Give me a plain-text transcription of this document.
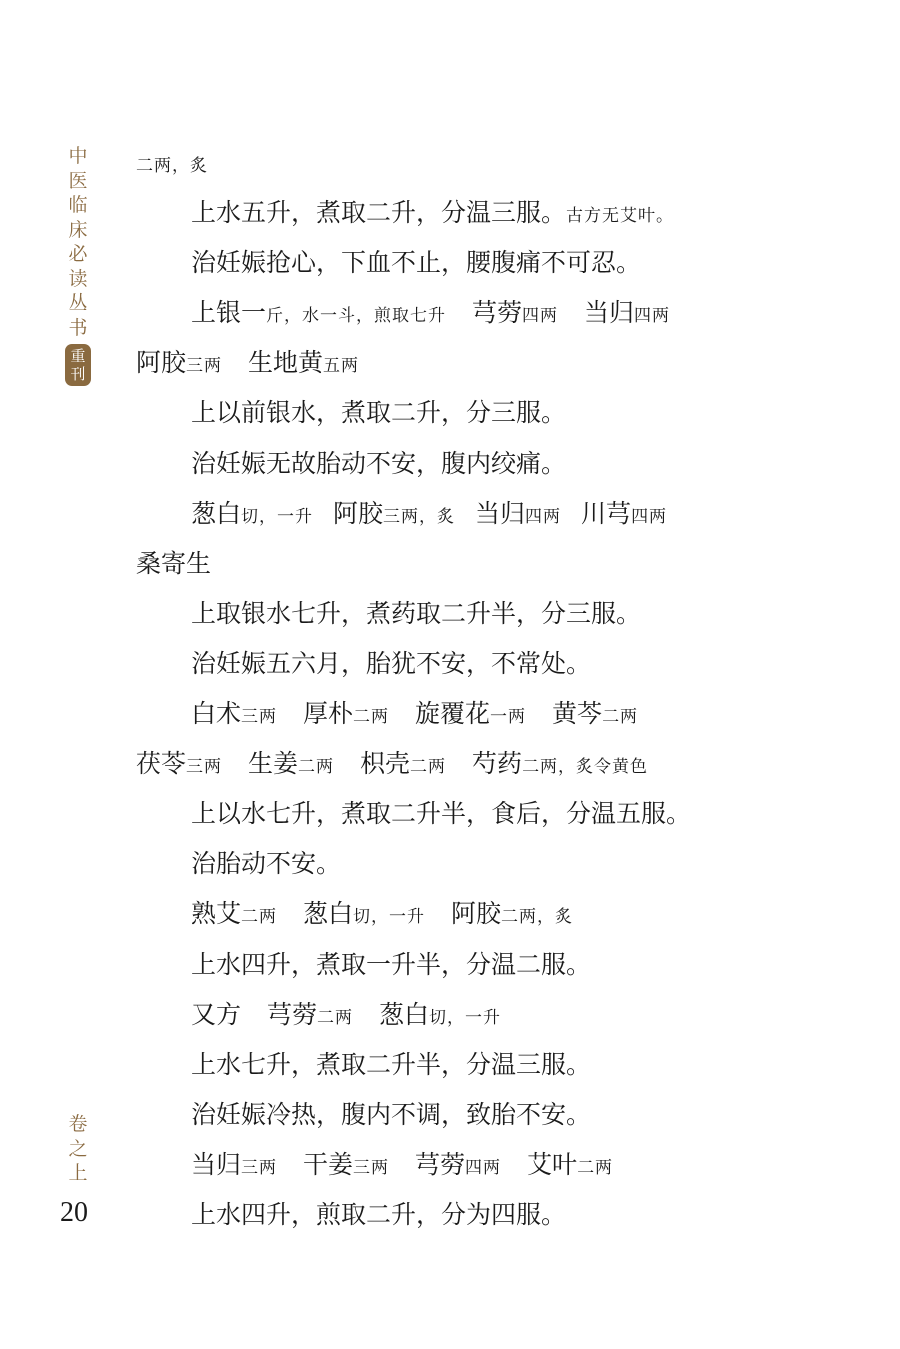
中
医
临
床
必
读
丛
书
重
刊
卷
之
上
20
二两，炙
上水五升，煮取二升，分温三服。古方无艾叶。
治妊娠抢心，下血不止，腰腹痛不可忍。
上银一斤，水一斗，煎取七升 芎䓖四两 当归四两
阿胶三两 生地黄五两
上以前银水，煮取二升，分三服。
治妊娠无故胎动不安，腹内绞痛。
葱白切，一升 阿胶三两，炙 当归四两 川芎四两
桑寄生
上取银水七升，煮药取二升半，分三服。
治妊娠五六月，胎犹不安，不常处。
白术三两 厚朴二两 旋覆花一两 黄芩二两
茯苓三两 生姜二两 枳壳二两 芍药二两，炙令黄色
上以水七升，煮取二升半，食后，分温五服。
治胎动不安。
熟艾二两 葱白切，一升 阿胶二两，炙
上水四升，煮取一升半，分温二服。
又方 芎䓖二两 葱白切，一升
上水七升，煮取二升半，分温三服。
治妊娠冷热，腹内不调，致胎不安。
当归三两 干姜三两 芎䓖四两 艾叶二两
上水四升，煎取二升，分为四服。
